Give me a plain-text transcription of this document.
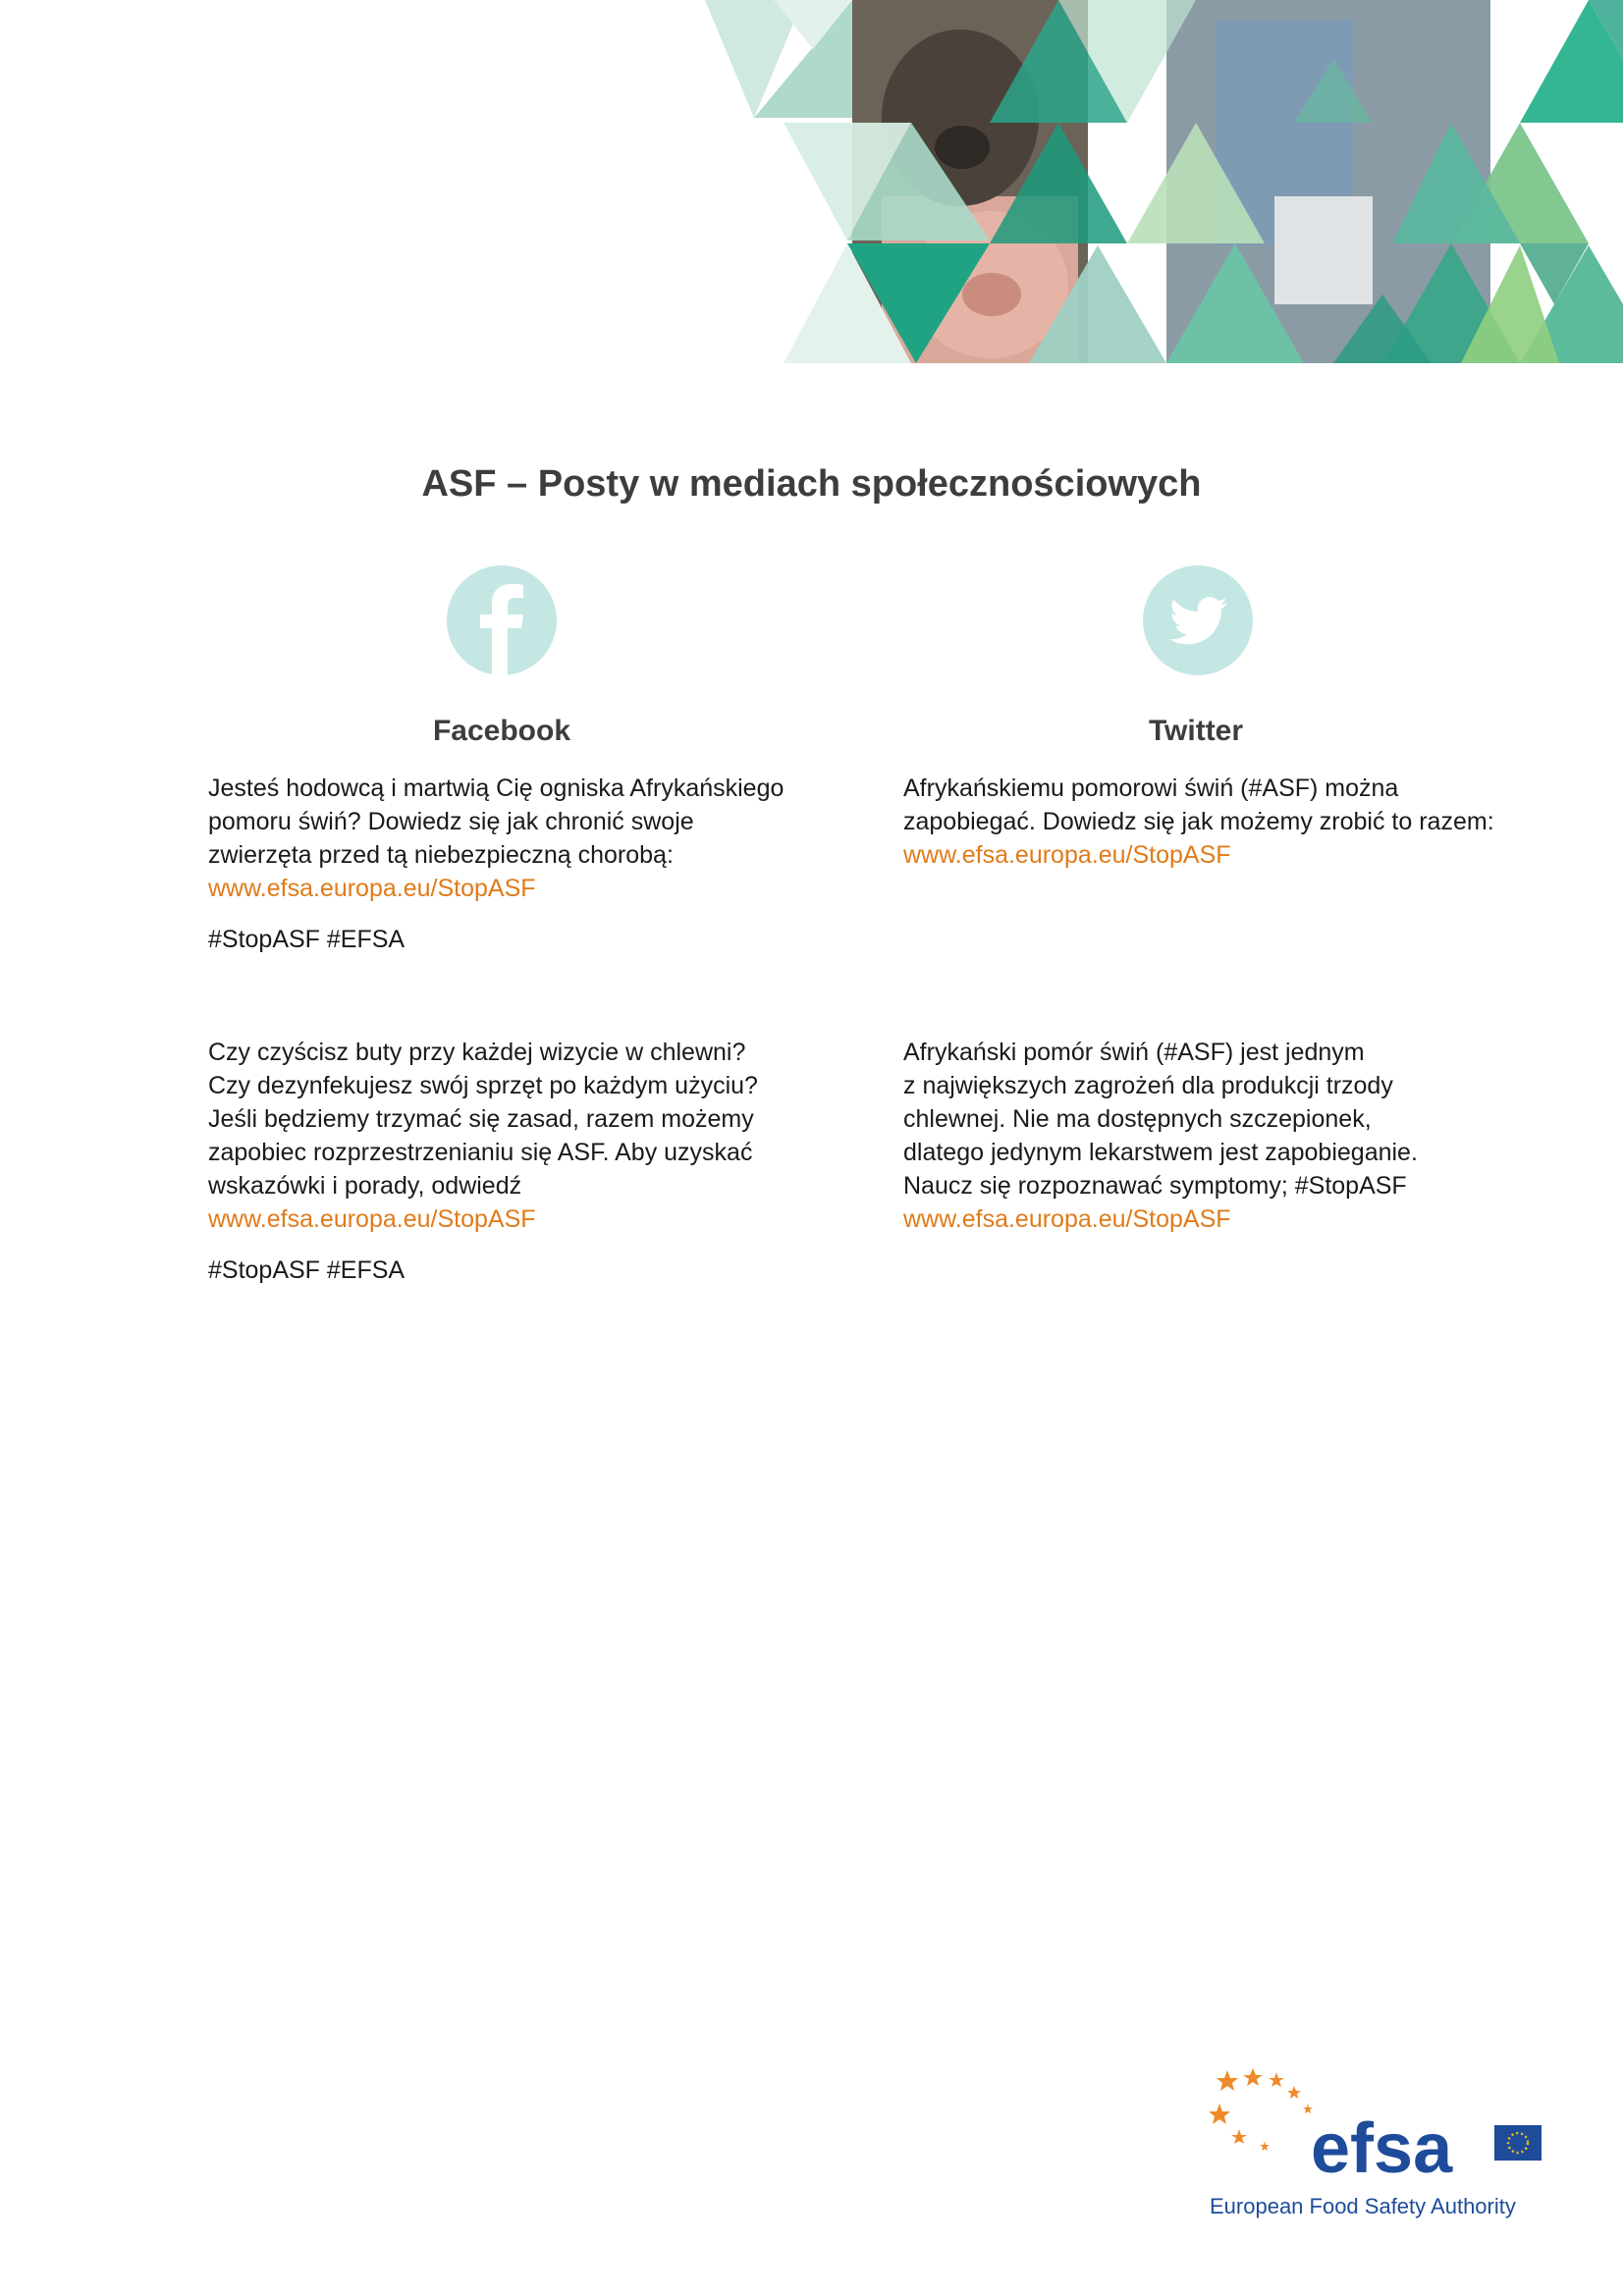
ASF – Posty w mediach społecznościowych
Facebook	Twitter

Jesteś hodowcą i martwią Cię ogniska Afrykańskiego

pomoru świń? Dowiedz się jak chronić swoje

zwierzęta przed tą niebezpieczną chorobą:

www.efsa.europa.eu/StopASF

#StopASF #EFSA

Afrykańskiemu pomorowi świń (#ASF) można

zapobiegać. Dowiedz się jak możemy zrobić to razem:

www.efsa.europa.eu/StopASF

Czy czyścisz buty przy każdej wizycie w chlewni?

Czy dezynfekujesz swój sprzęt po każdym użyciu?

Jeśli będziemy trzymać się zasad, razem możemy

zapobiec rozprzestrzenianiu się ASF. Aby uzyskać

wskazówki i porady, odwiedź

www.efsa.europa.eu/StopASF

#StopASF #EFSA

Afrykański pomór świń (#ASF) jest jednym

z największych zagrożeń dla produkcji trzody

chlewnej. Nie ma dostępnych szczepionek,

dlatego jedynym lekarstwem jest zapobieganie.

Naucz się rozpoznawać symptomy; #StopASF

www.efsa.europa.eu/StopASF

efsa
European Food Safety Authority
